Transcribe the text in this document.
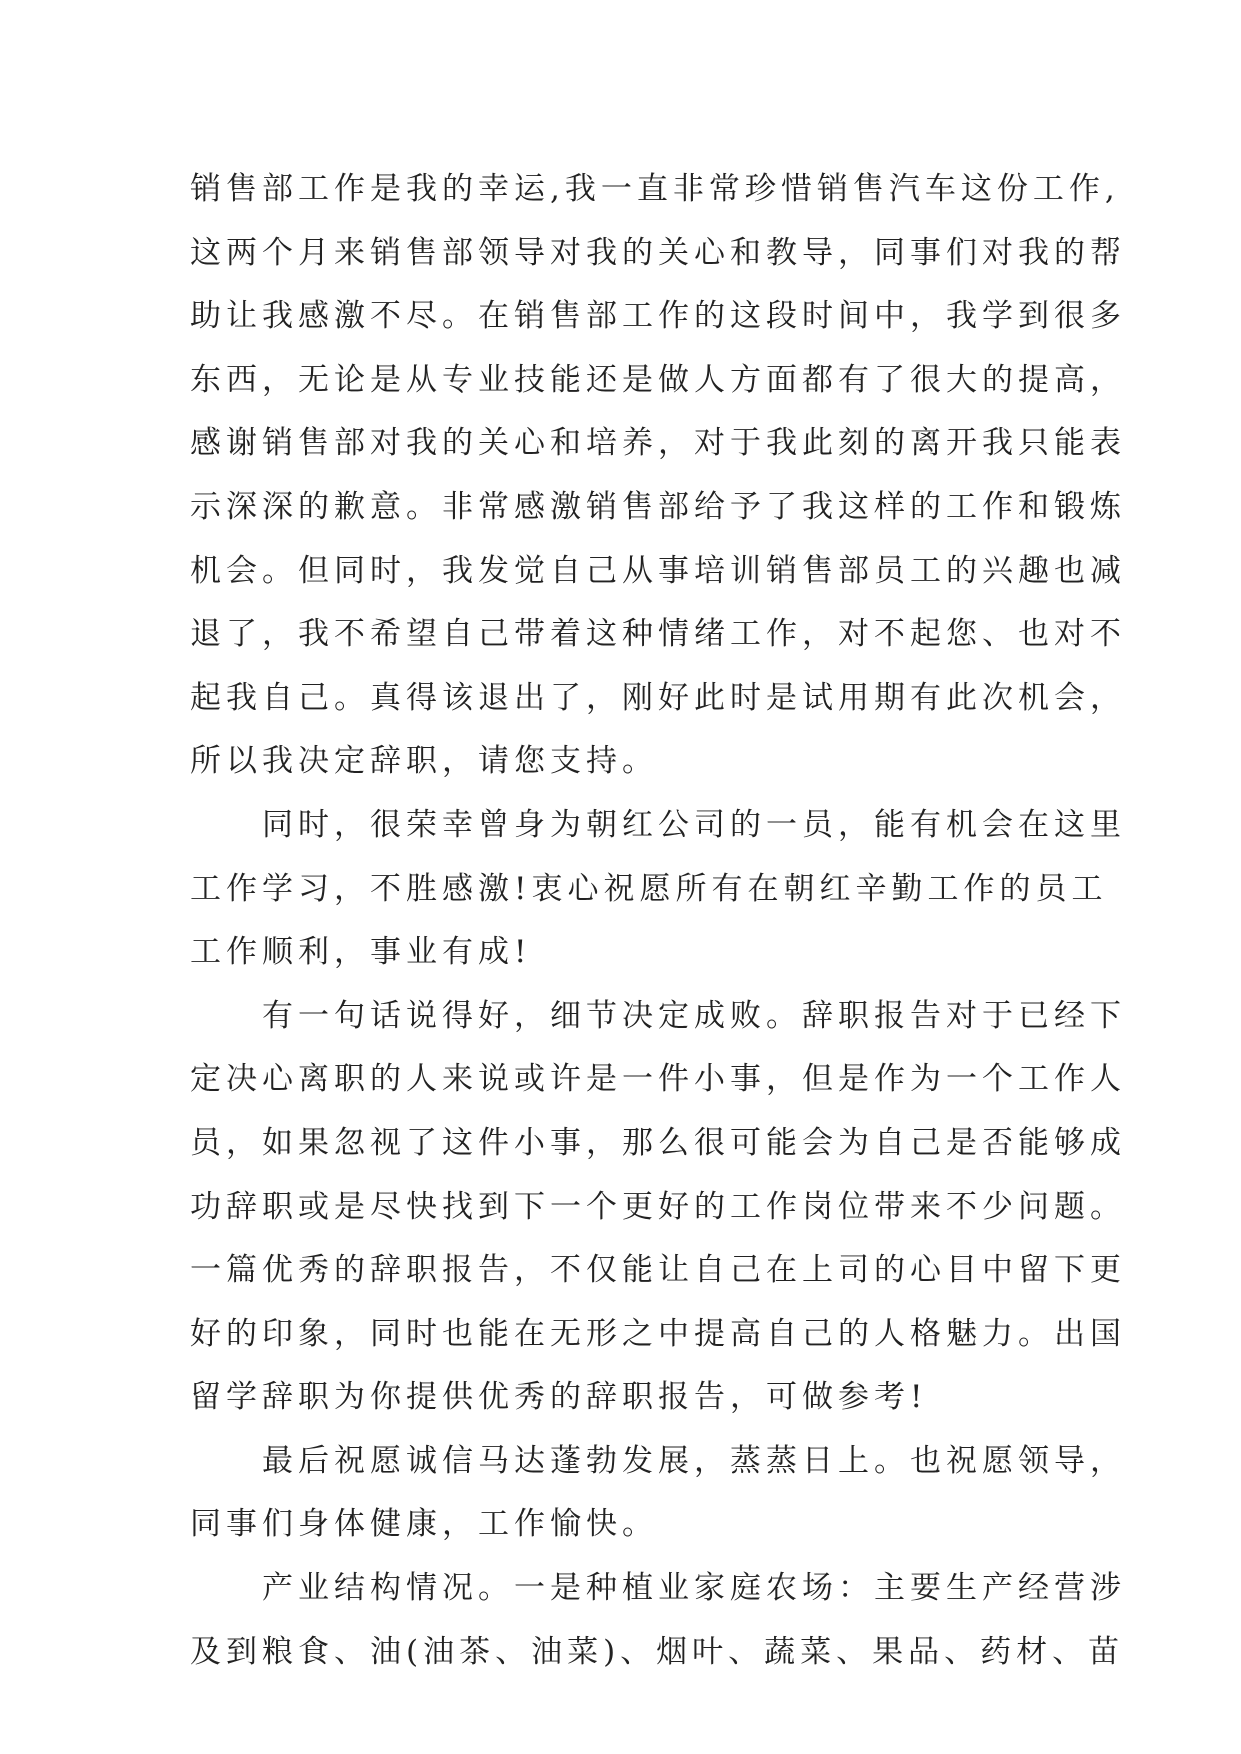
销售部工作是我的幸运,我一直非常珍惜销售汽车这份工作,
这两个月来销售部领导对我的关心和教导，同事们对我的帮
助让我感激不尽。在销售部工作的这段时间中，我学到很多
东西，无论是从专业技能还是做人方面都有了很大的提高，
感谢销售部对我的关心和培养，对于我此刻的离开我只能表
示深深的歉意。非常感激销售部给予了我这样的工作和锻炼
机会。但同时，我发觉自己从事培训销售部员工的兴趣也减
退了，我不希望自己带着这种情绪工作，对不起您、也对不
起我自己。真得该退出了，刚好此时是试用期有此次机会，
所以我决定辞职，请您支持。
同时，很荣幸曾身为朝红公司的一员，能有机会在这里
工作学习，不胜感激!衷心祝愿所有在朝红辛勤工作的员工
工作顺利，事业有成!
有一句话说得好，细节决定成败。辞职报告对于已经下
定决心离职的人来说或许是一件小事，但是作为一个工作人
员，如果忽视了这件小事，那么很可能会为自己是否能够成
功辞职或是尽快找到下一个更好的工作岗位带来不少问题。
一篇优秀的辞职报告，不仅能让自己在上司的心目中留下更
好的印象，同时也能在无形之中提高自己的人格魅力。出国
留学辞职为你提供优秀的辞职报告，可做参考!
最后祝愿诚信马达蓬勃发展，蒸蒸日上。也祝愿领导，
同事们身体健康，工作愉快。
产业结构情况。一是种植业家庭农场：主要生产经营涉
及到粮食、油(油茶、油菜)、烟叶、蔬菜、果品、药材、苗
